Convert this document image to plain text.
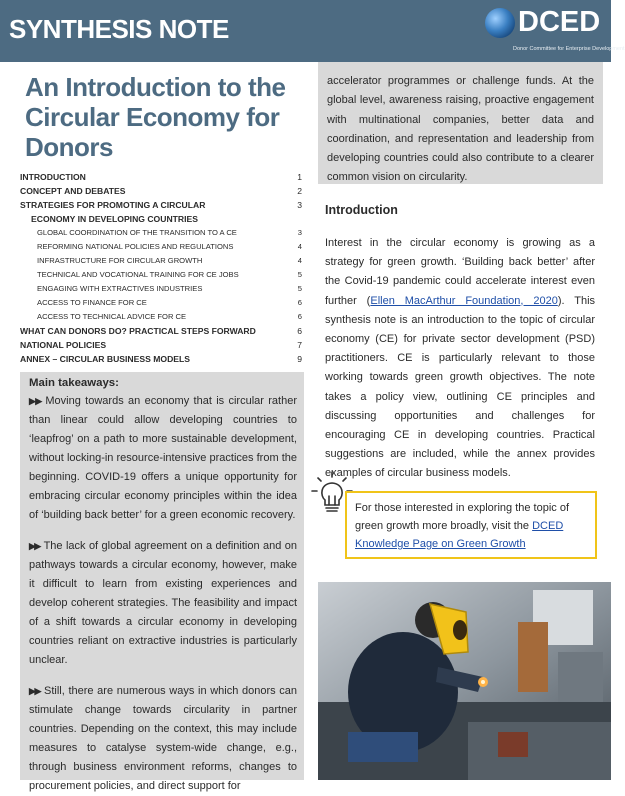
SYNTHESIS NOTE	DCED
Donor Committee for Enterprise Development
An Introduction to the
Circular Economy for
Donors
INTRODUCTION	1
CONCEPT AND DEBATES	2
STRATEGIES FOR PROMOTING A CIRCULAR	3
ECONOMY IN DEVELOPING COUNTRIES
GLOBAL COORDINATION OF THE TRANSITION TO A CE	3
REFORMING NATIONAL POLICIES AND REGULATIONS	4
INFRASTRUCTURE FOR CIRCULAR GROWTH	4
TECHNICAL AND VOCATIONAL TRAINING FOR CE JOBS	5
ENGAGING WITH EXTRACTIVES INDUSTRIES	5
ACCESS TO FINANCE FOR CE	6
ACCESS TO TECHNICAL ADVICE FOR CE	6
WHAT CAN DONORS DO? PRACTICAL STEPS FORWARD	6
NATIONAL POLICIES	7
ANNEX – CIRCULAR BUSINESS MODELS	9
Main takeaways:

▶▶ Moving towards an economy that is circular rather than linear could allow developing countries to ‘leapfrog’ on a path to more sustainable development, without locking-in resource-intensive practices from the beginning. COVID-19 offers a unique opportunity for embracing circular economy principles within the idea of ‘building back better’ for a green economic recovery.

▶▶ The lack of global agreement on a definition and on pathways towards a circular economy, however, make it difficult to learn from existing experiences and develop coherent strategies. The feasibility and impact of a shift towards a circular economy in developing countries reliant on extractive industries is particularly unclear.

▶▶ Still, there are numerous ways in which donors can stimulate change towards circularity in partner countries. Depending on the context, this may include measures to catalyse system-wide change, e.g., through business environment reforms, changes to procurement policies, and direct support for

accelerator programmes or challenge funds. At the global level, awareness raising, proactive engagement with multinational companies, better data and coordination, and representation and leadership from developing countries could also contribute to a clearer common vision on circularity.

Introduction

Interest in the circular economy is growing as a strategy for green growth. ‘Building back better’ after the Covid-19 pandemic could accelerate interest even further (Ellen MacArthur Foundation, 2020). This synthesis note is an introduction to the topic of circular economy (CE) for private sector development (PSD) practitioners. CE is particularly relevant to those working towards green growth objectives. The note takes a policy view, outlining CE principles and discussing opportunities and challenges for encouraging CE in developing countries. Practical suggestions are included, while the annex provides examples of circular business models.

For those interested in exploring the topic of green growth more broadly, visit the DCED Knowledge Page on Green Growth
